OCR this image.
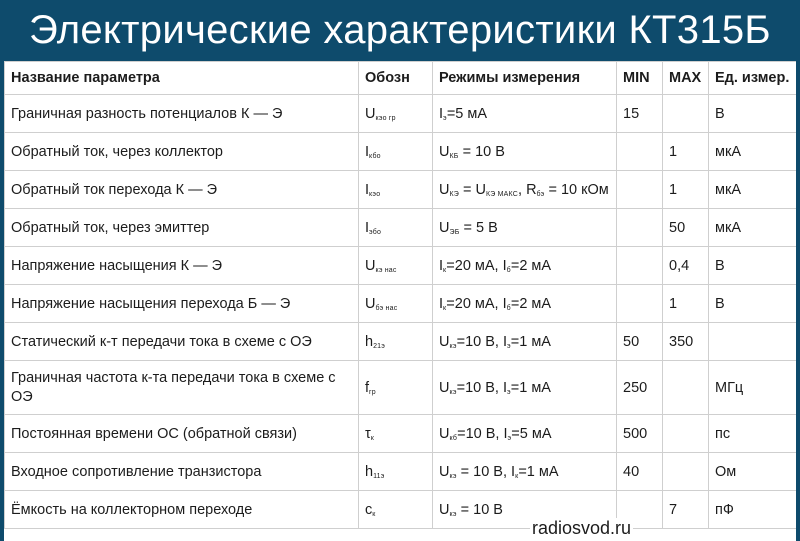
Электрические характеристики КТ315Б
Название параметра	Обозн	Режимы измерения	MIN	MAX	Ед. измер.
Граничная разность потенциалов К — Э	$U_{кэо гр}$	$I_э=5$ мА	15		В
Обратный ток, через коллектор	$I_{кбо}$	$U_{КБ} = 10$ В		1	мкА
Обратный ток перехода К — Э	$I_{кэо}$	$U_{КЭ} = U_{КЭ МАКС}$, $R_{бэ} = 10$ кОм		1	мкА
Обратный ток, через эмиттер	$I_{эбо}$	$U_{ЭБ} = 5$ В		50	мкА
Напряжение насыщения К — Э	$U_{кэ нас}$	$I_к=20$ мА, $I_б=2$ мА		0,4	В
Напряжение насыщения перехода Б — Э	$U_{бэ нас}$	$I_к=20$ мА, $I_б=2$ мА		1	В
Статический к-т передачи тока в схеме с ОЭ	$h_{21э}$	$U_{кэ}=10$ В, $I_э=1$ мА	50	350	
Граничная частота к-та передачи тока в схеме с ОЭ	$f_{гр}$	$U_{кэ}=10$ В, $I_э=1$ мА	250		МГц
Постоянная времени ОС (обратной связи)	$\tau_к$	$U_{кб}=10$ В, $I_э=5$ мА	500		пс
Входное сопротивление транзистора	$h_{11э}$	$U_{кэ} = 10$ В, $I_к=1$ мА	40		Ом
Ёмкость на коллекторном переходе	$c_к$	$U_{кэ} = 10$ В		7	пФ
radiosvod.ru
